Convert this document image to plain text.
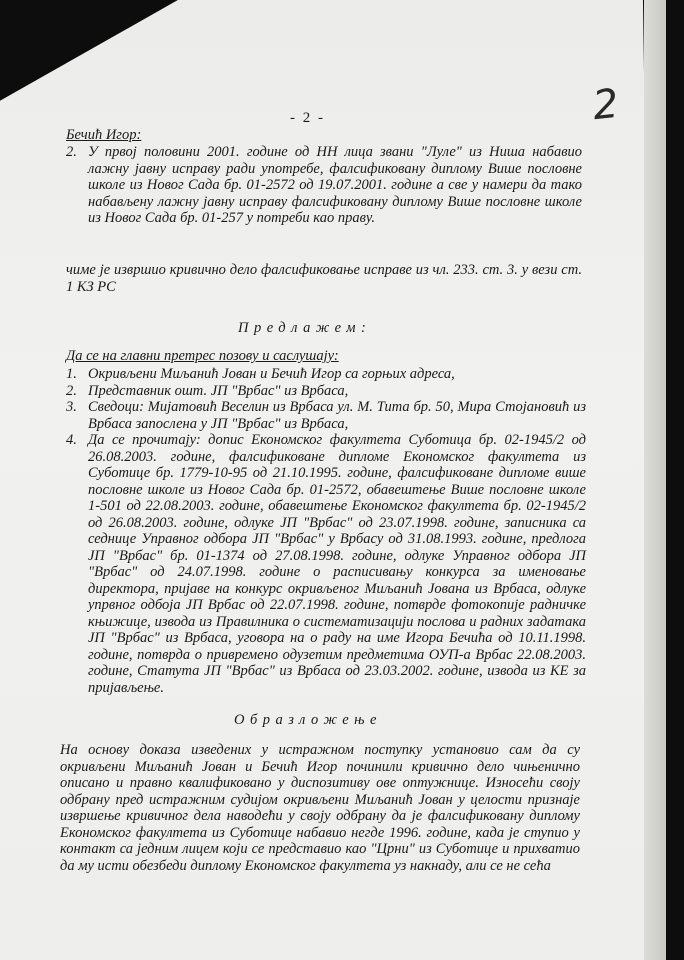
2
- 2 -
Бечић Игор:
2. У првој половини 2001. године од НН лица звани "Луле" из Ниша набавио лажну јавну исправу ради употребе, фалсификовану диплому Више пословне школе из Новог Сада бр. 01-2572 од 19.07.2001. године а све у намери да тако набављену лажну јавну исправу фалсификовану диплому Више пословне школе из Новог Сада бр. 01-257 у потреби као праву.
чиме је извршио кривично дело фалсификовање исправе из чл. 233. ст. 3. у вези ст. 1 КЗ РС
Предлажем:
Да се на главни претрес позову и саслушају:
1. Окривљени Миљанић Јован и Бечић Игор са горњих адреса,
2. Представник ошт. ЈП "Врбас" из Врбаса,
3. Сведоци: Мијатовић Веселин из Врбаса ул. М. Тита бр. 50, Мира Стојановић из Врбаса запослена у ЈП "Врбас" из Врбаса,
4. Да се прочитају: допис Економског факултета Суботица бр. 02-1945/2 од 26.08.2003. године, фалсификоване дипломе Економског факултета из Суботице бр. 1779-10-95 од 21.10.1995. године, фалсификоване дипломе више пословне школе из Новог Сада бр. 01-2572, обавештење Више пословне школе 1-501 од 22.08.2003. године, обавештење Економског факултета бр. 02-1945/2 од 26.08.2003. године, одлуке ЈП "Врбас" од 23.07.1998. године, записника са седнице Управног одбора ЈП "Врбас" у Врбасу од 31.08.1993. године, предлога ЈП "Врбас" бр. 01-1374 од 27.08.1998. године, одлуке Управног одбора ЈП "Врбас" од 24.07.1998. године о расписивању конкурса за именовање директора, пријаве на конкурс окривљеног Миљанић Јована из Врбаса, одлуке упрвног одбоја ЈП Врбас од 22.07.1998. године, потврде фотокопије радничке књижице, извода из Правилника о систематизацији послова и радних задатака ЈП "Врбас" из Врбаса, уговора на о раду на име Игора Бечића од 10.11.1998. године, потврда о привремено одузетим предметима ОУП-а Врбас 22.08.2003. године, Статута ЈП "Врбас" из Врбаса од 23.03.2002. године, извода из КЕ за пријављење.
Образложење
На основу доказа изведених у истражном поступку установио сам да су окривљени Миљанић Јован и Бечић Игор починили кривично дело чињенично описано и правно квалификовано у диспозитиву ове оптужнице. Износећи своју одбрану пред истражним судијом окривљени Миљанић Јован у целости признаје извршење кривичног дела наводећи у своју одбрану да је фалсификовану диплому Економског факултета из Суботице набавио негде 1996. године, када је ступио у контакт са једним лицем који се представио као "Црни" из Суботице и прихватио да му исти обезбеди диплому Економског факултета уз накнаду, али се не сећа
